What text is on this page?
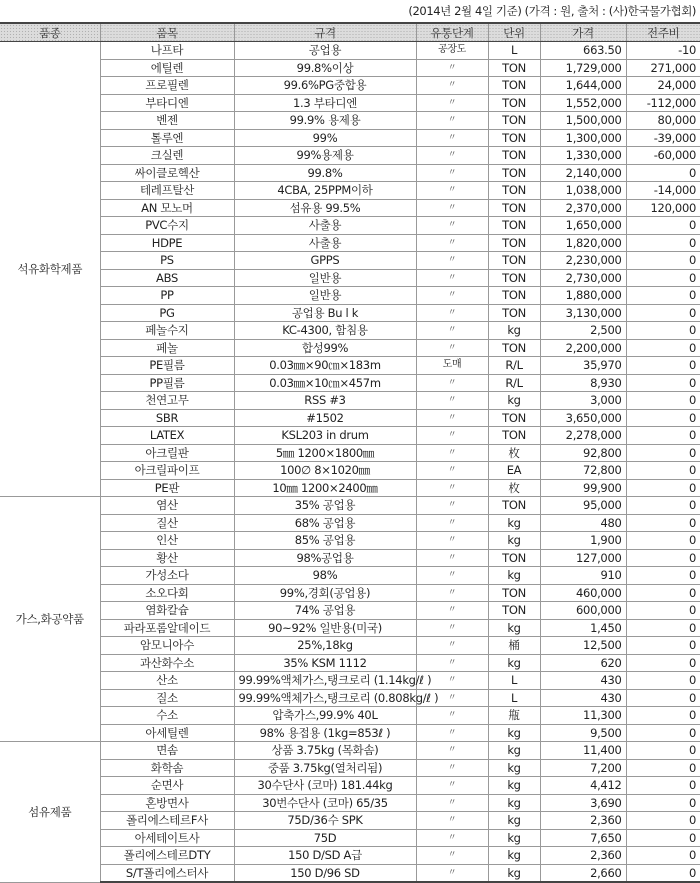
(2014년 2월 4일 기준) (가격 : 원, 출처 : (사)한국물가협회)
품종	품목	규격	유통단계	단위	가격	전주비
석유화학제품	나프타	공업용	공장도	L	663.50	-10
	에틸렌	99.8%이상	〃	TON	1,729,000	271,000
	프로필렌	99.6%PG중합용	〃	TON	1,644,000	24,000
	부타디엔	1.3 부타디엔	〃	TON	1,552,000	-112,000
	벤젠	99.9% 용제용	〃	TON	1,500,000	80,000
	톨루엔	99%	〃	TON	1,300,000	-39,000
	크실렌	99%용제용	〃	TON	1,330,000	-60,000
	싸이클로헥산	99.8%	〃	TON	2,140,000	0
	테레프탈산	4CBA, 25PPM이하	〃	TON	1,038,000	-14,000
	AN 모노머	섬유용 99.5%	〃	TON	2,370,000	120,000
	PVC수지	사출용	〃	TON	1,650,000	0
	HDPE	사출용	〃	TON	1,820,000	0
	PS	GPPS	〃	TON	2,230,000	0
	ABS	일반용	〃	TON	2,730,000	0
	PP	일반용	〃	TON	1,880,000	0
	PG	공업용 Bu l k	〃	TON	3,130,000	0
	페놀수지	KC-4300, 함침용	〃	kg	2,500	0
	페놀	합성99%	〃	TON	2,200,000	0
	PE필름	0.03㎜×90㎝×183m	도매	R/L	35,970	0
	PP필름	0.03㎜×10㎝×457m	〃	R/L	8,930	0
	천연고무	RSS #3	〃	kg	3,000	0
	SBR	#1502	〃	TON	3,650,000	0
	LATEX	KSL203 in drum	〃	TON	2,278,000	0
	아크릴판	5㎜ 1200×1800㎜	〃	枚	92,800	0
	아크릴파이프	100∅ 8×1020㎜	〃	EA	72,800	0
	PE판	10㎜ 1200×2400㎜	〃	枚	99,900	0
가스,화공약품	염산	35% 공업용	〃	TON	95,000	0
	질산	68% 공업용	〃	kg	480	0
	인산	85% 공업용	〃	kg	1,900	0
	황산	98%공업용	〃	TON	127,000	0
	가성소다	98%	〃	kg	910	0
	소오다회	99%,경회(공업용)	〃	TON	460,000	0
	염화칼슘	74% 공업용	〃	TON	600,000	0
	파라포롬알데이드	90~92% 일반용(미국)	〃	kg	1,450	0
	암모니아수	25%,18kg	〃	桶	12,500	0
	과산화수소	35% KSM 1112	〃	kg	620	0
	산소	99.99%액체가스,탱크로리 (1.14kg/ℓ )	〃	L	430	0
	질소	99.99%액체가스,탱크로리 (0.808kg/ℓ )	〃	L	430	0
	수소	압축가스,99.9% 40L	〃	甁	11,300	0
	아세틸렌	98% 용접용 (1kg=853ℓ )	〃	kg	9,500	0
섬유제품	면솜	상품 3.75kg (목화솜)	〃	kg	11,400	0
	화학솜	중품 3.75kg(열처리됨)	〃	kg	7,200	0
	순면사	30수단사 (코마) 181.44kg	〃	kg	4,412	0
	혼방면사	30번수단사 (코마) 65/35	〃	kg	3,690	0
	폴리에스테르F사	75D/36수 SPK	〃	kg	2,360	0
	아세테이트사	75D	〃	kg	7,650	0
	폴리에스테르DTY	150 D/SD A급	〃	kg	2,360	0
	S/T폴리에스터사	150 D/96 SD	〃	kg	2,660	0
